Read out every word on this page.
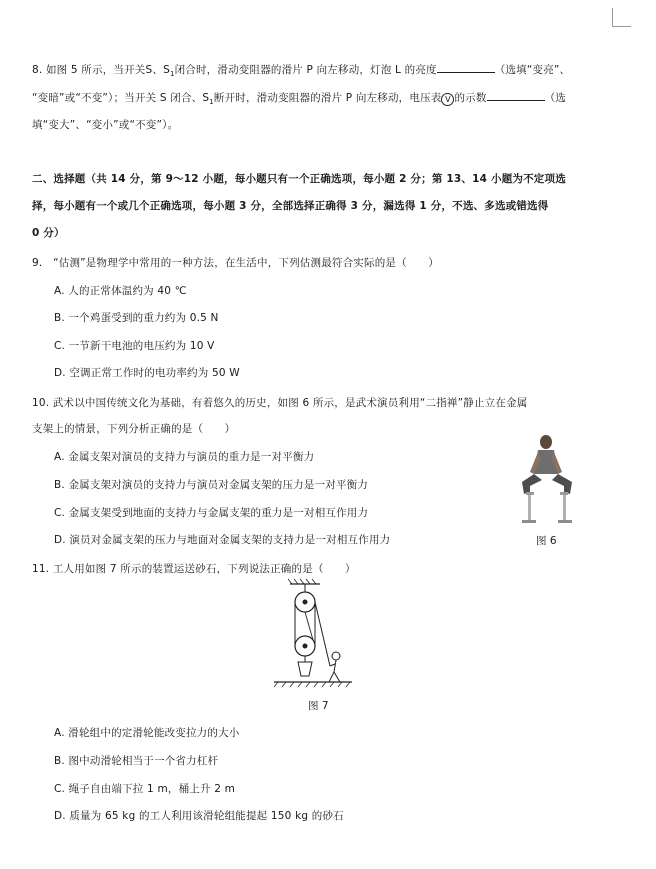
8. 如图 5 所示，当开关S、$S_1$闭合时，滑动变阻器的滑片 P 向左移动，灯泡 L 的亮度	（选填“变亮”、
“变暗”或“不变”）；当开关 S 闭合、$S_1$断开时，滑动变阻器的滑片 P 向左移动，电压表 V 的示数	（选
填“变大”、“变小”或“不变”）。
二、选择题（共 14 分，第 9～12 小题，每小题只有一个正确选项，每小题 2 分；第 13、14 小题为不定项选
择，每小题有一个或几个正确选项，每小题 3 分，全部选择正确得 3 分，漏选得 1 分，不选、多选或错选得
0 分）
9.　“估测”是物理学中常用的一种方法，在生活中，下列估测最符合实际的是（　　）
A. 人的正常体温约为 40 ℃
B. 一个鸡蛋受到的重力约为 0.5 N
C. 一节新干电池的电压约为 10 V
D. 空调正常工作时的电功率约为 50 W
10. 武术以中国传统文化为基础，有着悠久的历史，如图 6 所示，是武术演员利用“二指禅”静止立在金属
支架上的情景，下列分析正确的是（　　）
A. 金属支架对演员的支持力与演员的重力是一对平衡力
B. 金属支架对演员的支持力与演员对金属支架的压力是一对平衡力
C. 金属支架受到地面的支持力与金属支架的重力是一对相互作用力
D. 演员对金属支架的压力与地面对金属支架的支持力是一对相互作用力	图 6
11. 工人用如图 7 所示的装置运送砂石，下列说法正确的是（　　）
图 7
A. 滑轮组中的定滑轮能改变拉力的大小
B. 图中动滑轮相当于一个省力杠杆
C. 绳子自由端下拉 1 m，桶上升 2 m
D. 质量为 65 kg 的工人利用该滑轮组能提起 150 kg 的砂石
